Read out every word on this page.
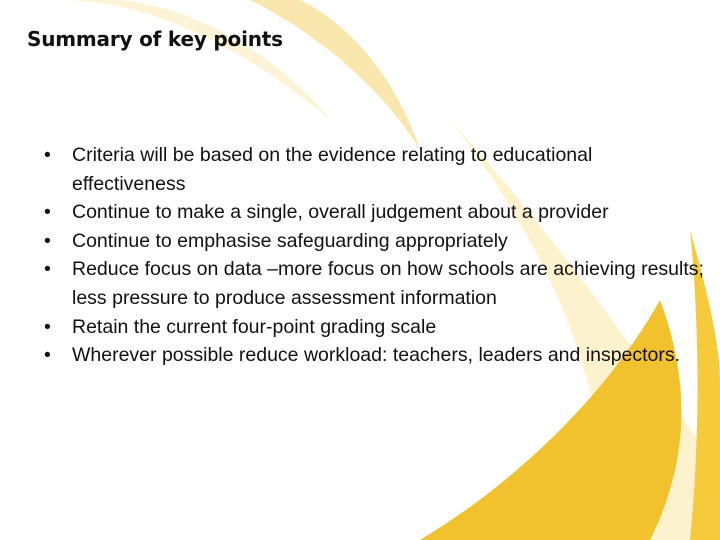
Summary of key points
• Criteria will be based on the evidence relating to educational effectiveness
• Continue to make a single, overall judgement about a provider
• Continue to emphasise safeguarding appropriately
• Reduce focus on data –more focus on how schools are achieving results; less pressure to produce assessment information
• Retain the current four-point grading scale
• Wherever possible reduce workload: teachers, leaders and inspectors.
